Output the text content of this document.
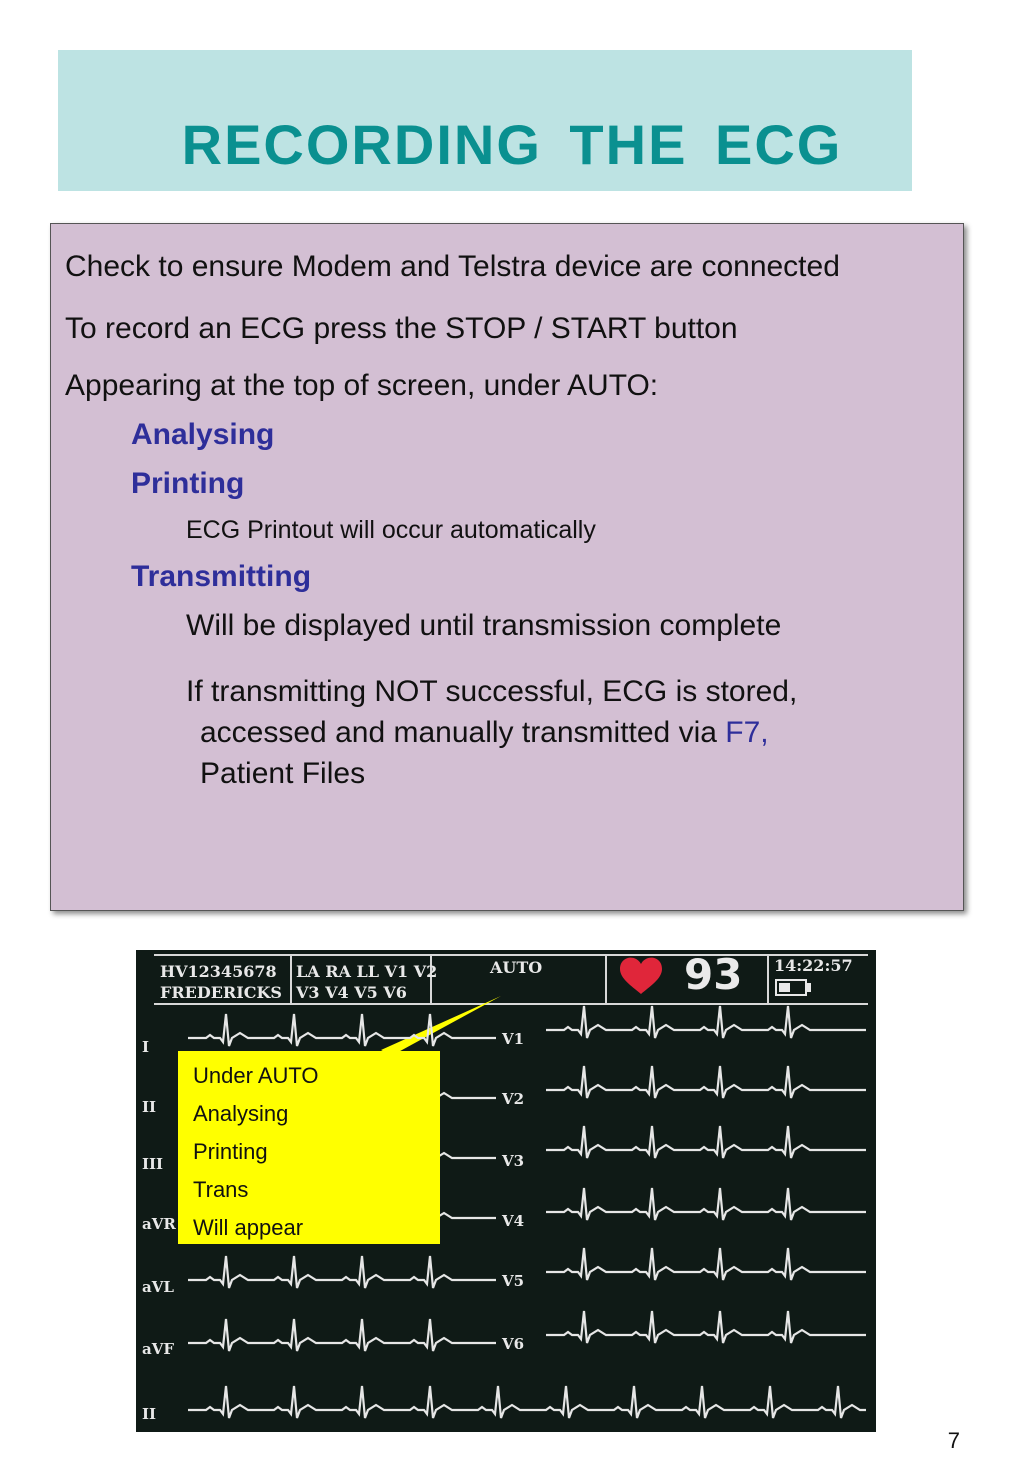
RECORDING THE ECG
Check to ensure Modem and Telstra device are connected
To record an ECG press the STOP / START button
Appearing at the top of screen, under AUTO:
Analysing
Printing
ECG Printout will occur automatically
Transmitting
Will be displayed until transmission complete
If transmitting NOT successful, ECG is stored,
accessed and manually transmitted via F7,
Patient Files
HV12345678
FREDERICKS
LA RA LL V1 V2
V3 V4 V5 V6
AUTO	93 14:22:57
I
II
III
aVR
aVL
aVF
II
V1
V2
V3
V4
V5
V6
Under AUTO
Analysing
Printing
Trans
Will appear
7
